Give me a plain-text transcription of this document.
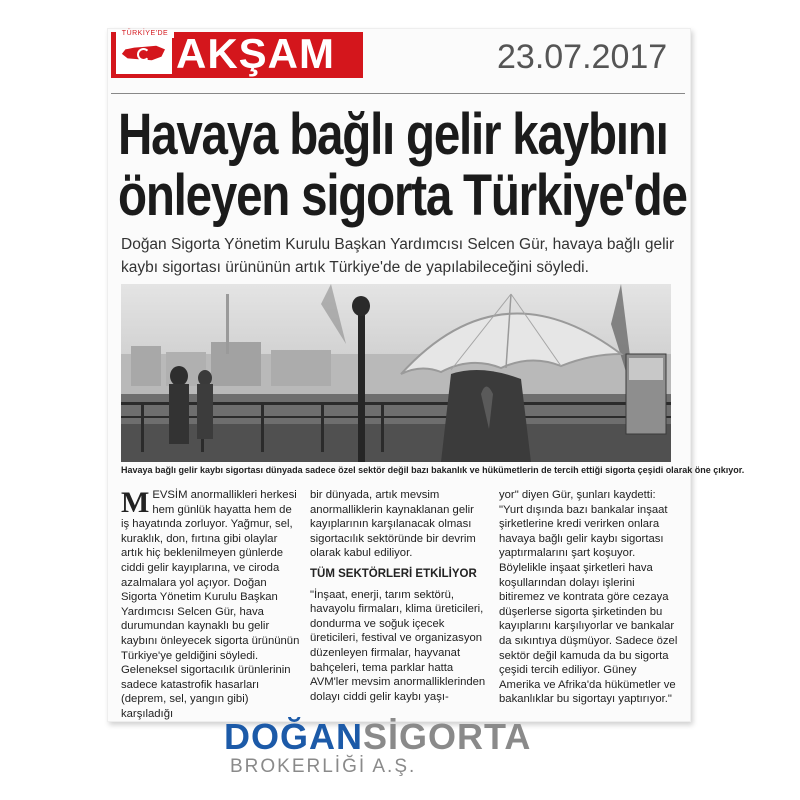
TÜRKİYE'DE AKŞAM	23.07.2017
Havaya bağlı gelir kaybını
önleyen sigorta Türkiye'de
Doğan Sigorta Yönetim Kurulu Başkan Yardımcısı Selcen Gür, havaya bağlı gelir kaybı sigortası ürününün artık Türkiye'de de yapılabileceğini söyledi.
Havaya bağlı gelir kaybı sigortası dünyada sadece özel sektör değil bazı bakanlık ve hükümetlerin de tercih ettiği sigorta çeşidi olarak öne çıkıyor.

MEVSİM anormallikleri herkesi hem günlük hayatta hem de iş hayatında zorluyor. Yağmur, sel, kuraklık, don, fırtına gibi olaylar artık hiç beklenilmeyen günlerde ciddi gelir kayıplarına, ve ciroda azalmalara yol açıyor. Doğan Sigorta Yönetim Kurulu Başkan Yardımcısı Selcen Gür, hava durumundan kaynaklı bu gelir kaybını önleyecek sigorta ürününün Türkiye'ye geldiğini söyledi. Geleneksel sigortacılık ürünlerinin sadece katastrofik hasarları (deprem, sel, yangın gibi) karşıladığı

bir dünyada, artık mevsim anormalliklerin kaynaklanan gelir kayıplarının karşılanacak olması sigortacılık sektöründe bir devrim olarak kabul ediliyor.

TÜM SEKTÖRLERİ ETKİLİYOR

"İnşaat, enerji, tarım sektörü, havayolu firmaları, klima üreticileri, dondurma ve soğuk içecek üreticileri, festival ve organizasyon düzenleyen firmalar, hayvanat bahçeleri, tema parklar hatta AVM'ler mevsim anormalliklerinden dolayı ciddi gelir kaybı yaşı-

yor" diyen Gür, şunları kaydetti: "Yurt dışında bazı bankalar inşaat şirketlerine kredi verirken onlara havaya bağlı gelir kaybı sigortası yaptırmalarını şart koşuyor. Böylelikle inşaat şirketleri hava koşullarından dolayı işlerini bitiremez ve kontrata göre cezaya düşerlerse sigorta şirketinden bu kayıplarını karşılıyorlar ve bankalar da sıkıntıya düşmüyor. Sadece özel sektör değil kamuda da bu sigorta çeşidi tercih ediliyor. Güney Amerika ve Afrika'da hükümetler ve bakanlıklar bu sigortayı yaptırıyor."

DOĞANSİGORTA
BROKERLİĞİ A.Ş.
